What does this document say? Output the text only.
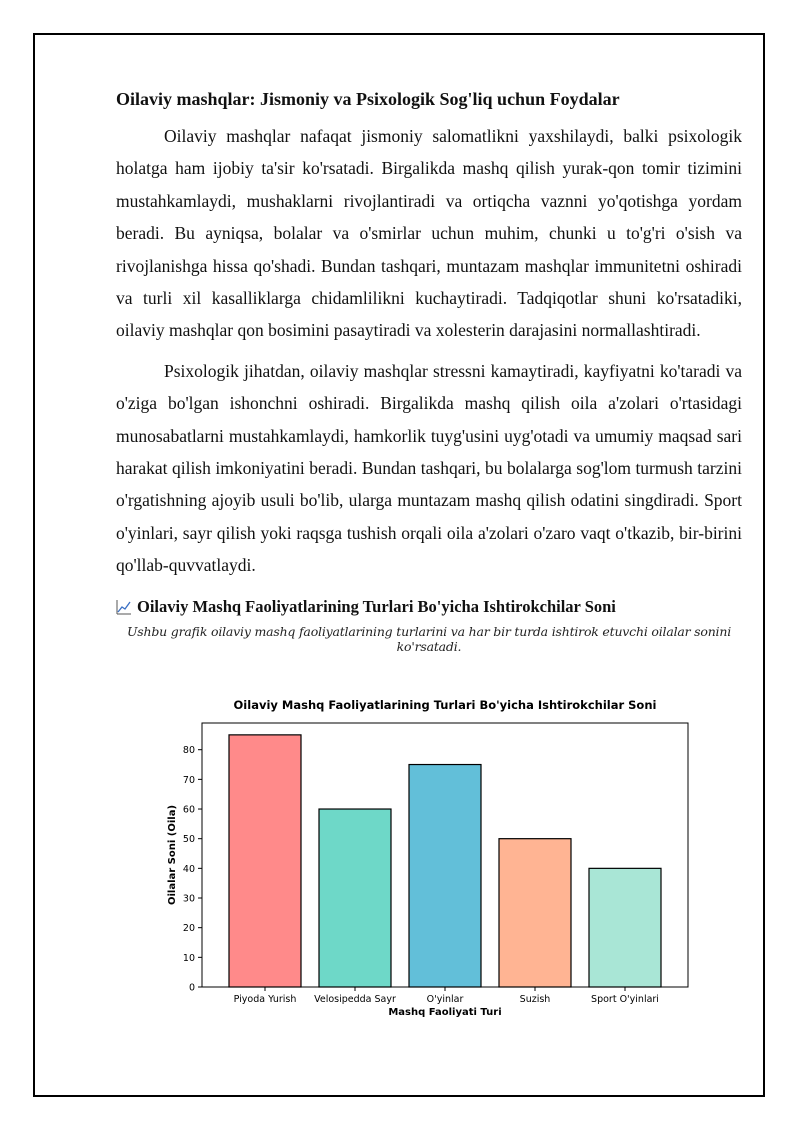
Oilaviy mashqlar: Jismoniy va Psixologik Sog'liq uchun Foydalar

Oilaviy mashqlar nafaqat jismoniy salomatlikni yaxshilaydi, balki psixologik holatga ham ijobiy ta'sir ko'rsatadi. Birgalikda mashq qilish yurak-qon tomir tizimini mustahkamlaydi, mushaklarni rivojlantiradi va ortiqcha vaznni yo'qotishga yordam beradi. Bu ayniqsa, bolalar va o'smirlar uchun muhim, chunki u to'g'ri o'sish va rivojlanishga hissa qo'shadi. Bundan tashqari, muntazam mashqlar immunitetni oshiradi va turli xil kasalliklarga chidamlilikni kuchaytiradi. Tadqiqotlar shuni ko'rsatadiki, oilaviy mashqlar qon bosimini pasaytiradi va xolesterin darajasini normallashtiradi.

Psixologik jihatdan, oilaviy mashqlar stressni kamaytiradi, kayfiyatni ko'taradi va o'ziga bo'lgan ishonchni oshiradi. Birgalikda mashq qilish oila a'zolari o'rtasidagi munosabatlarni mustahkamlaydi, hamkorlik tuyg'usini uyg'otadi va umumiy maqsad sari harakat qilish imkoniyatini beradi. Bundan tashqari, bu bolalarga sog'lom turmush tarzini o'rgatishning ajoyib usuli bo'lib, ularga muntazam mashq qilish odatini singdiradi. Sport o'yinlari, sayr qilish yoki raqsga tushish orqali oila a'zolari o'zaro vaqt o'tkazib, bir-birini qo'llab-quvvatlaydi.

Oilaviy Mashq Faoliyatlarining Turlari Bo'yicha Ishtirokchilar Soni

Ushbu grafik oilaviy mashq faoliyatlarining turlarini va har bir turda ishtirok etuvchi oilalar sonini ko'rsatadi.

Oilaviy Mashq Faoliyatlarining Turlari Bo'yicha Ishtirokchilar Soni
0
10
20
30
40
50
60
70
80
Piyoda Yurish Velosipedda Sayr	O'yinlar	Suzish	Sport O'yinlari
Mashq Faoliyati Turi
Oilalar Soni (Oila)
